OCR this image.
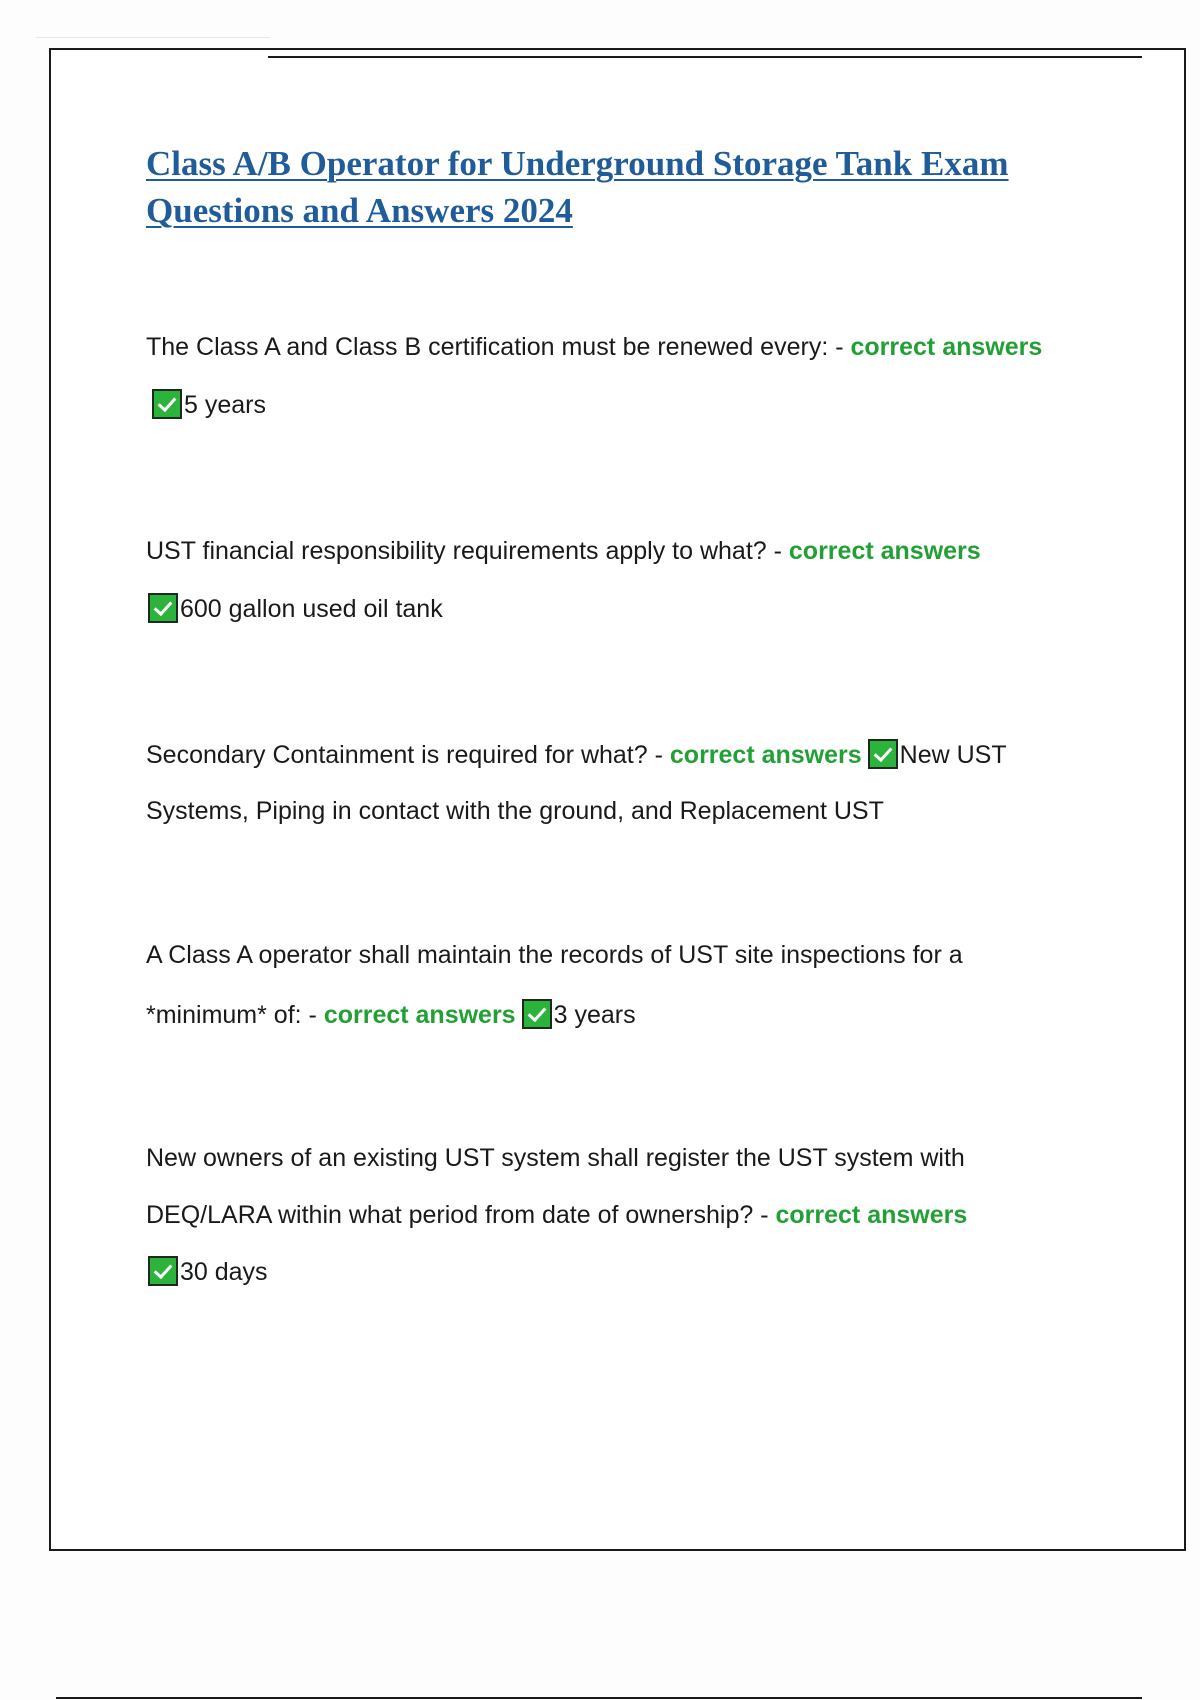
Class A/B Operator for Underground Storage Tank Exam Questions and Answers 2024

The Class A and Class B certification must be renewed every: - correct answers5 years

UST financial responsibility requirements apply to what? - correct answers
600 gallon used oil tank

Secondary Containment is required for what? - correct answers New UST Systems, Piping in contact with the ground, and Replacement UST

A Class A operator shall maintain the records of UST site inspections for a *minimum* of: - correct answers 3 years

New owners of an existing UST system shall register the UST system with DEQ/LARA within what period from date of ownership? - correct answers
30 days
